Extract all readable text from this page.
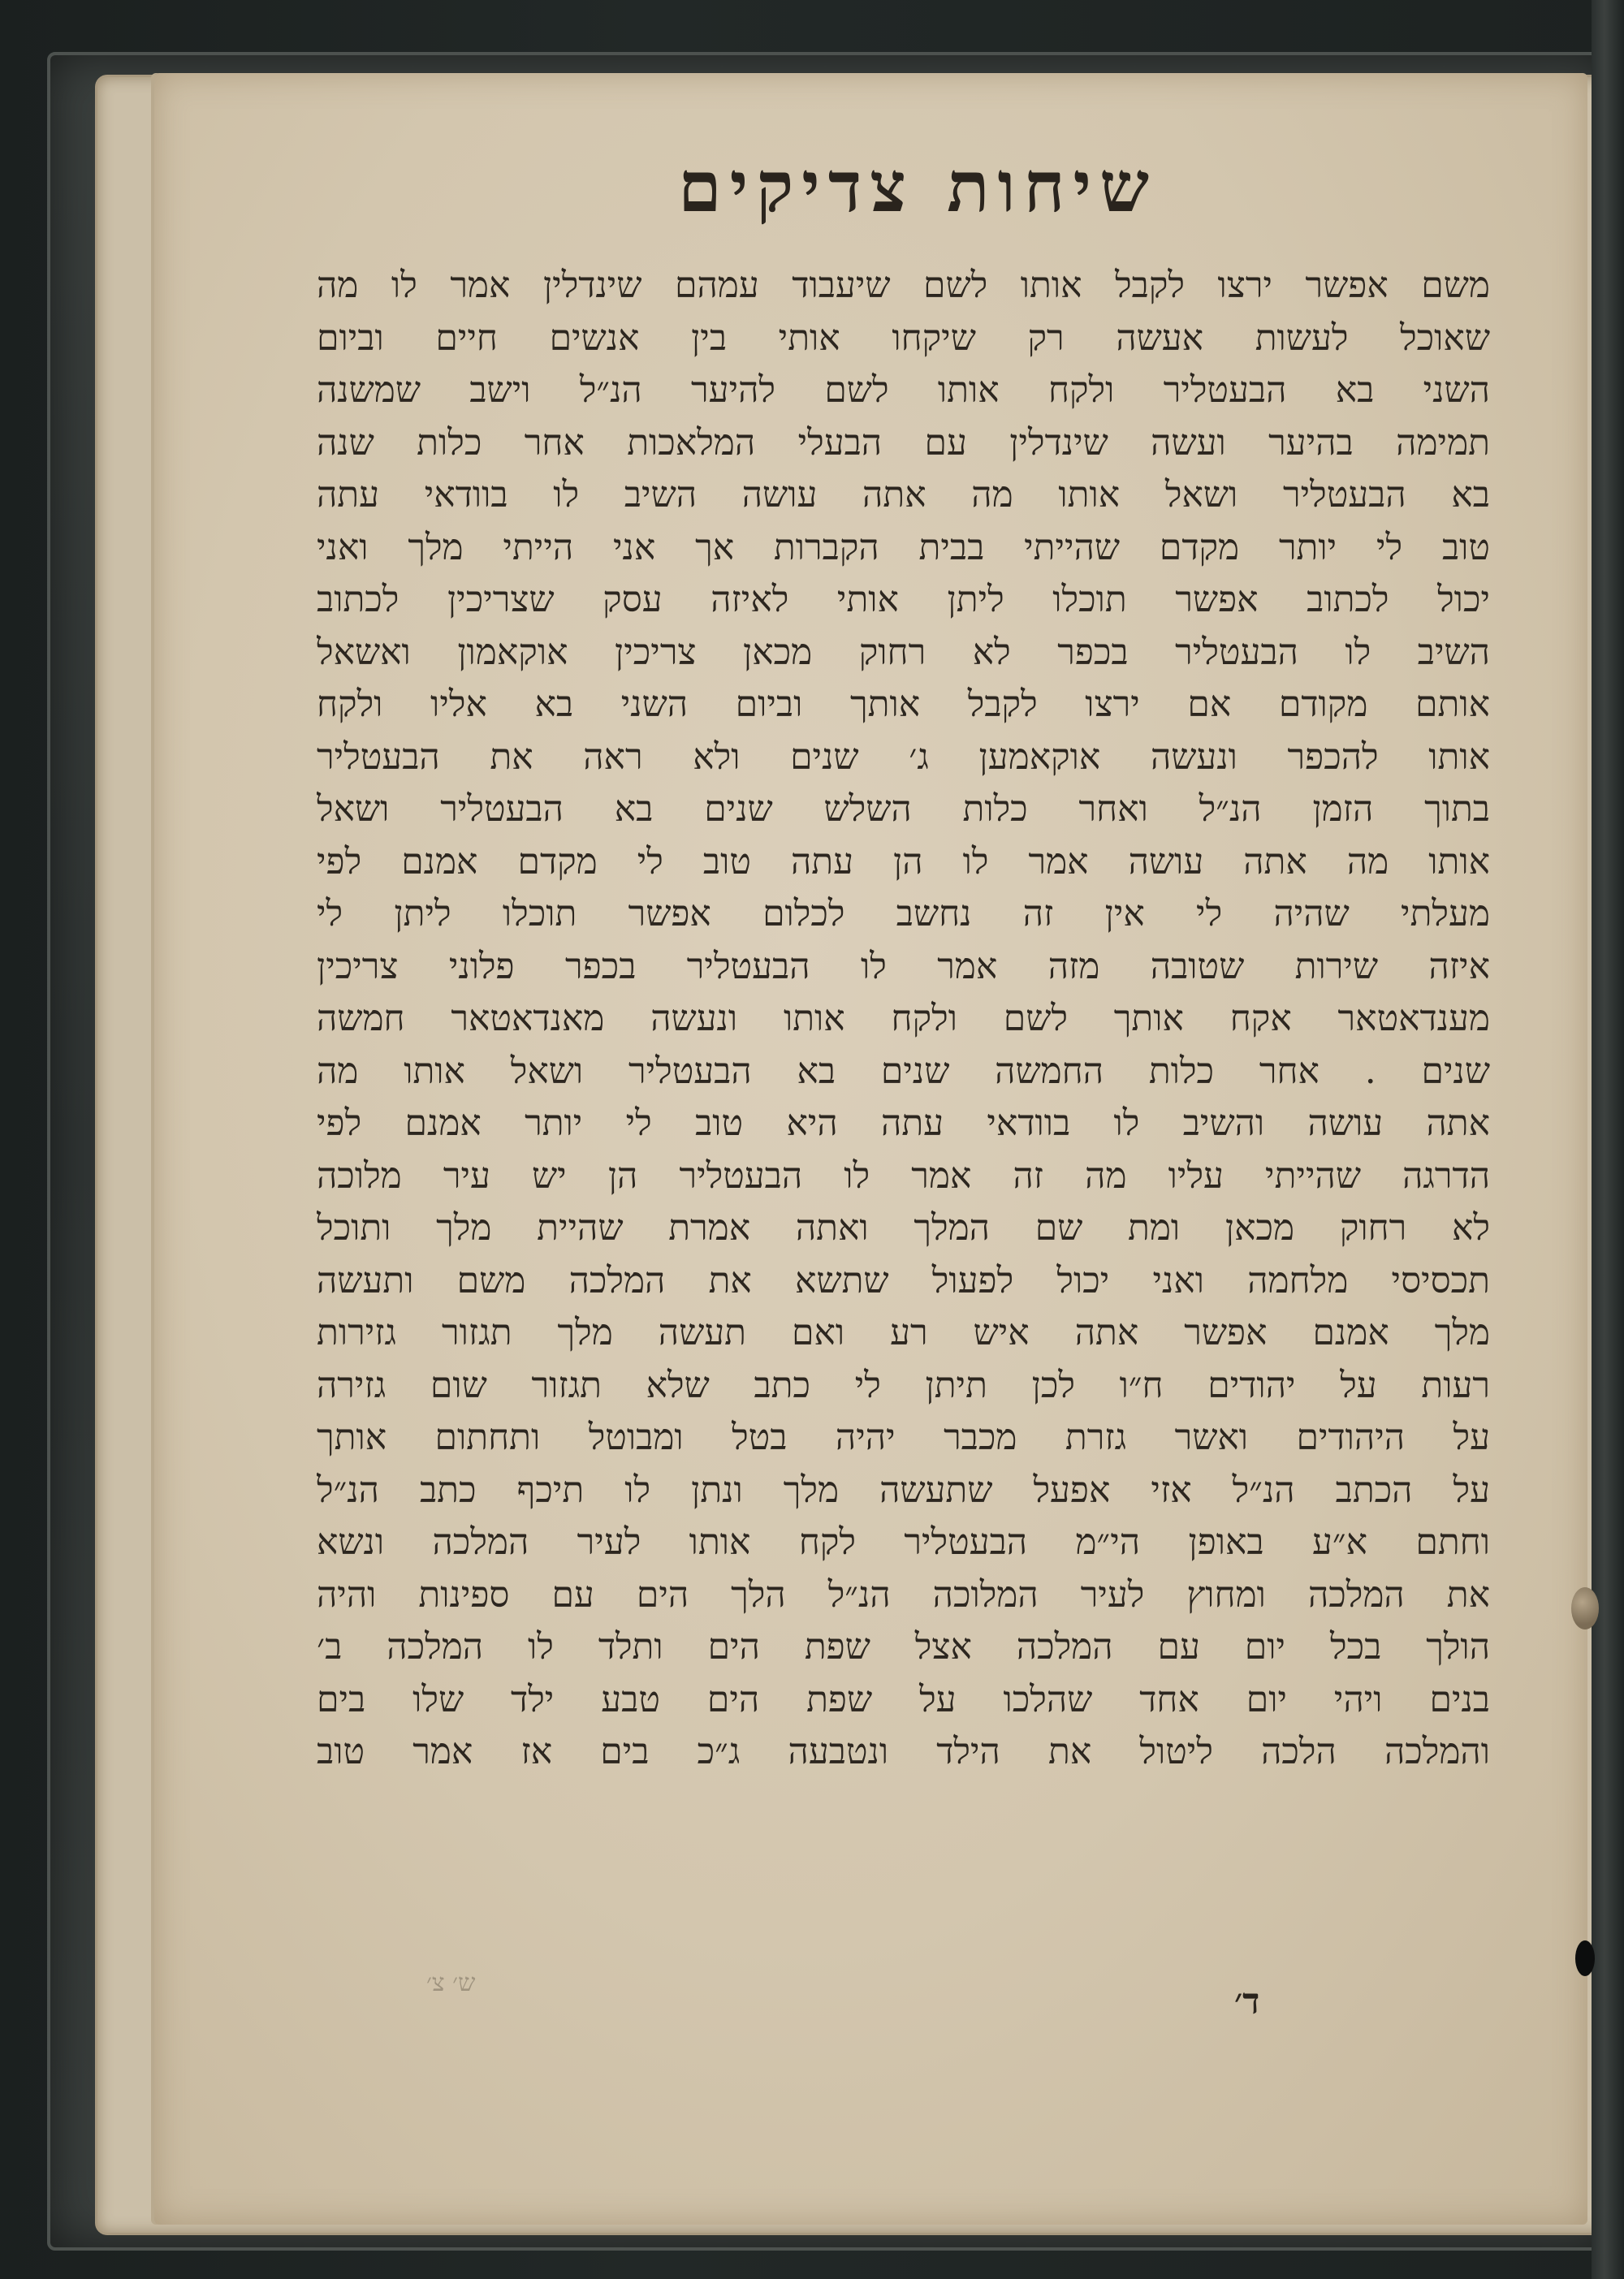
שיחות צדיקים
משם אפשר ירצו לקבל אותו לשם שיעבוד עמהם שינדלין אמר לו מה
שאוכל לעשות אעשה רק שיקחו אותי בין אנשים חיים וביום
השני בא הבעטליר ולקח אותו לשם להיער הנ״ל וישב שמשנה
תמימה בהיער ועשה שינדלין עם הבעלי המלאכות אחר כלות שנה
בא הבעטליר ושאל אותו מה אתה עושה השיב לו בוודאי עתה
טוב לי יותר מקדם שהייתי בבית הקברות אך אני הייתי מלך ואני
יכול לכתוב אפשר תוכלו ליתן אותי לאיזה עסק שצריכין לכתוב
השיב לו הבעטליר בכפר לא רחוק מכאן צריכין אוקאמון ואשאל
אותם מקודם אם ירצו לקבל אותך וביום השני בא אליו ולקח
אותו להכפר ונעשה אוקאמען ג׳ שנים ולא ראה את הבעטליר
בתוך הזמן הנ״ל ואחר כלות השלש שנים בא הבעטליר ושאל
אותו מה אתה עושה אמר לו הן עתה טוב לי מקדם אמנם לפי
מעלתי שהיה לי אין זה נחשב לכלום אפשר תוכלו ליתן לי
איזה שירות שטובה מזה אמר לו הבעטליר בכפר פלוני צריכין
מענדאטאר אקח אותך לשם ולקח אותו ונעשה מאנדאטאר חמשה
שנים . אחר כלות החמשה שנים בא הבעטליר ושאל אותו מה
אתה עושה והשיב לו בוודאי עתה היא טוב לי יותר אמנם לפי
הדרגה שהייתי עליו מה זה אמר לו הבעטליר הן יש עיר מלוכה
לא רחוק מכאן ומת שם המלך ואתה אמרת שהיית מלך ותוכל
תכסיסי מלחמה ואני יכול לפעול שתשא את המלכה משם ותעשה
מלך אמנם אפשר אתה איש רע ואם תעשה מלך תגזור גזירות
רעות על יהודים ח״ו לכן תיתן לי כתב שלא תגזור שום גזירה
על היהודים ואשר גזרת מכבר יהיה בטל ומבוטל ותחתום אותך
על הכתב הנ״ל אזי אפעל שתעשה מלך ונתן לו תיכף כתב הנ״ל
וחתם א״ע באופן הי״מ הבעטליר לקח אותו לעיר המלכה ונשא
את המלכה ומחוץ לעיר המלוכה הנ״ל הלך הים עם ספינות והיה
הולך בכל יום עם המלכה אצל שפת הים ותלד לו המלכה ב׳
בנים ויהי יום אחד שהלכו על שפת הים טבע ילד שלו בים
והמלכה הלכה ליטול את הילד ונטבעה ג״כ בים אז אמר טוב
ש׳ צ׳	ד׳
